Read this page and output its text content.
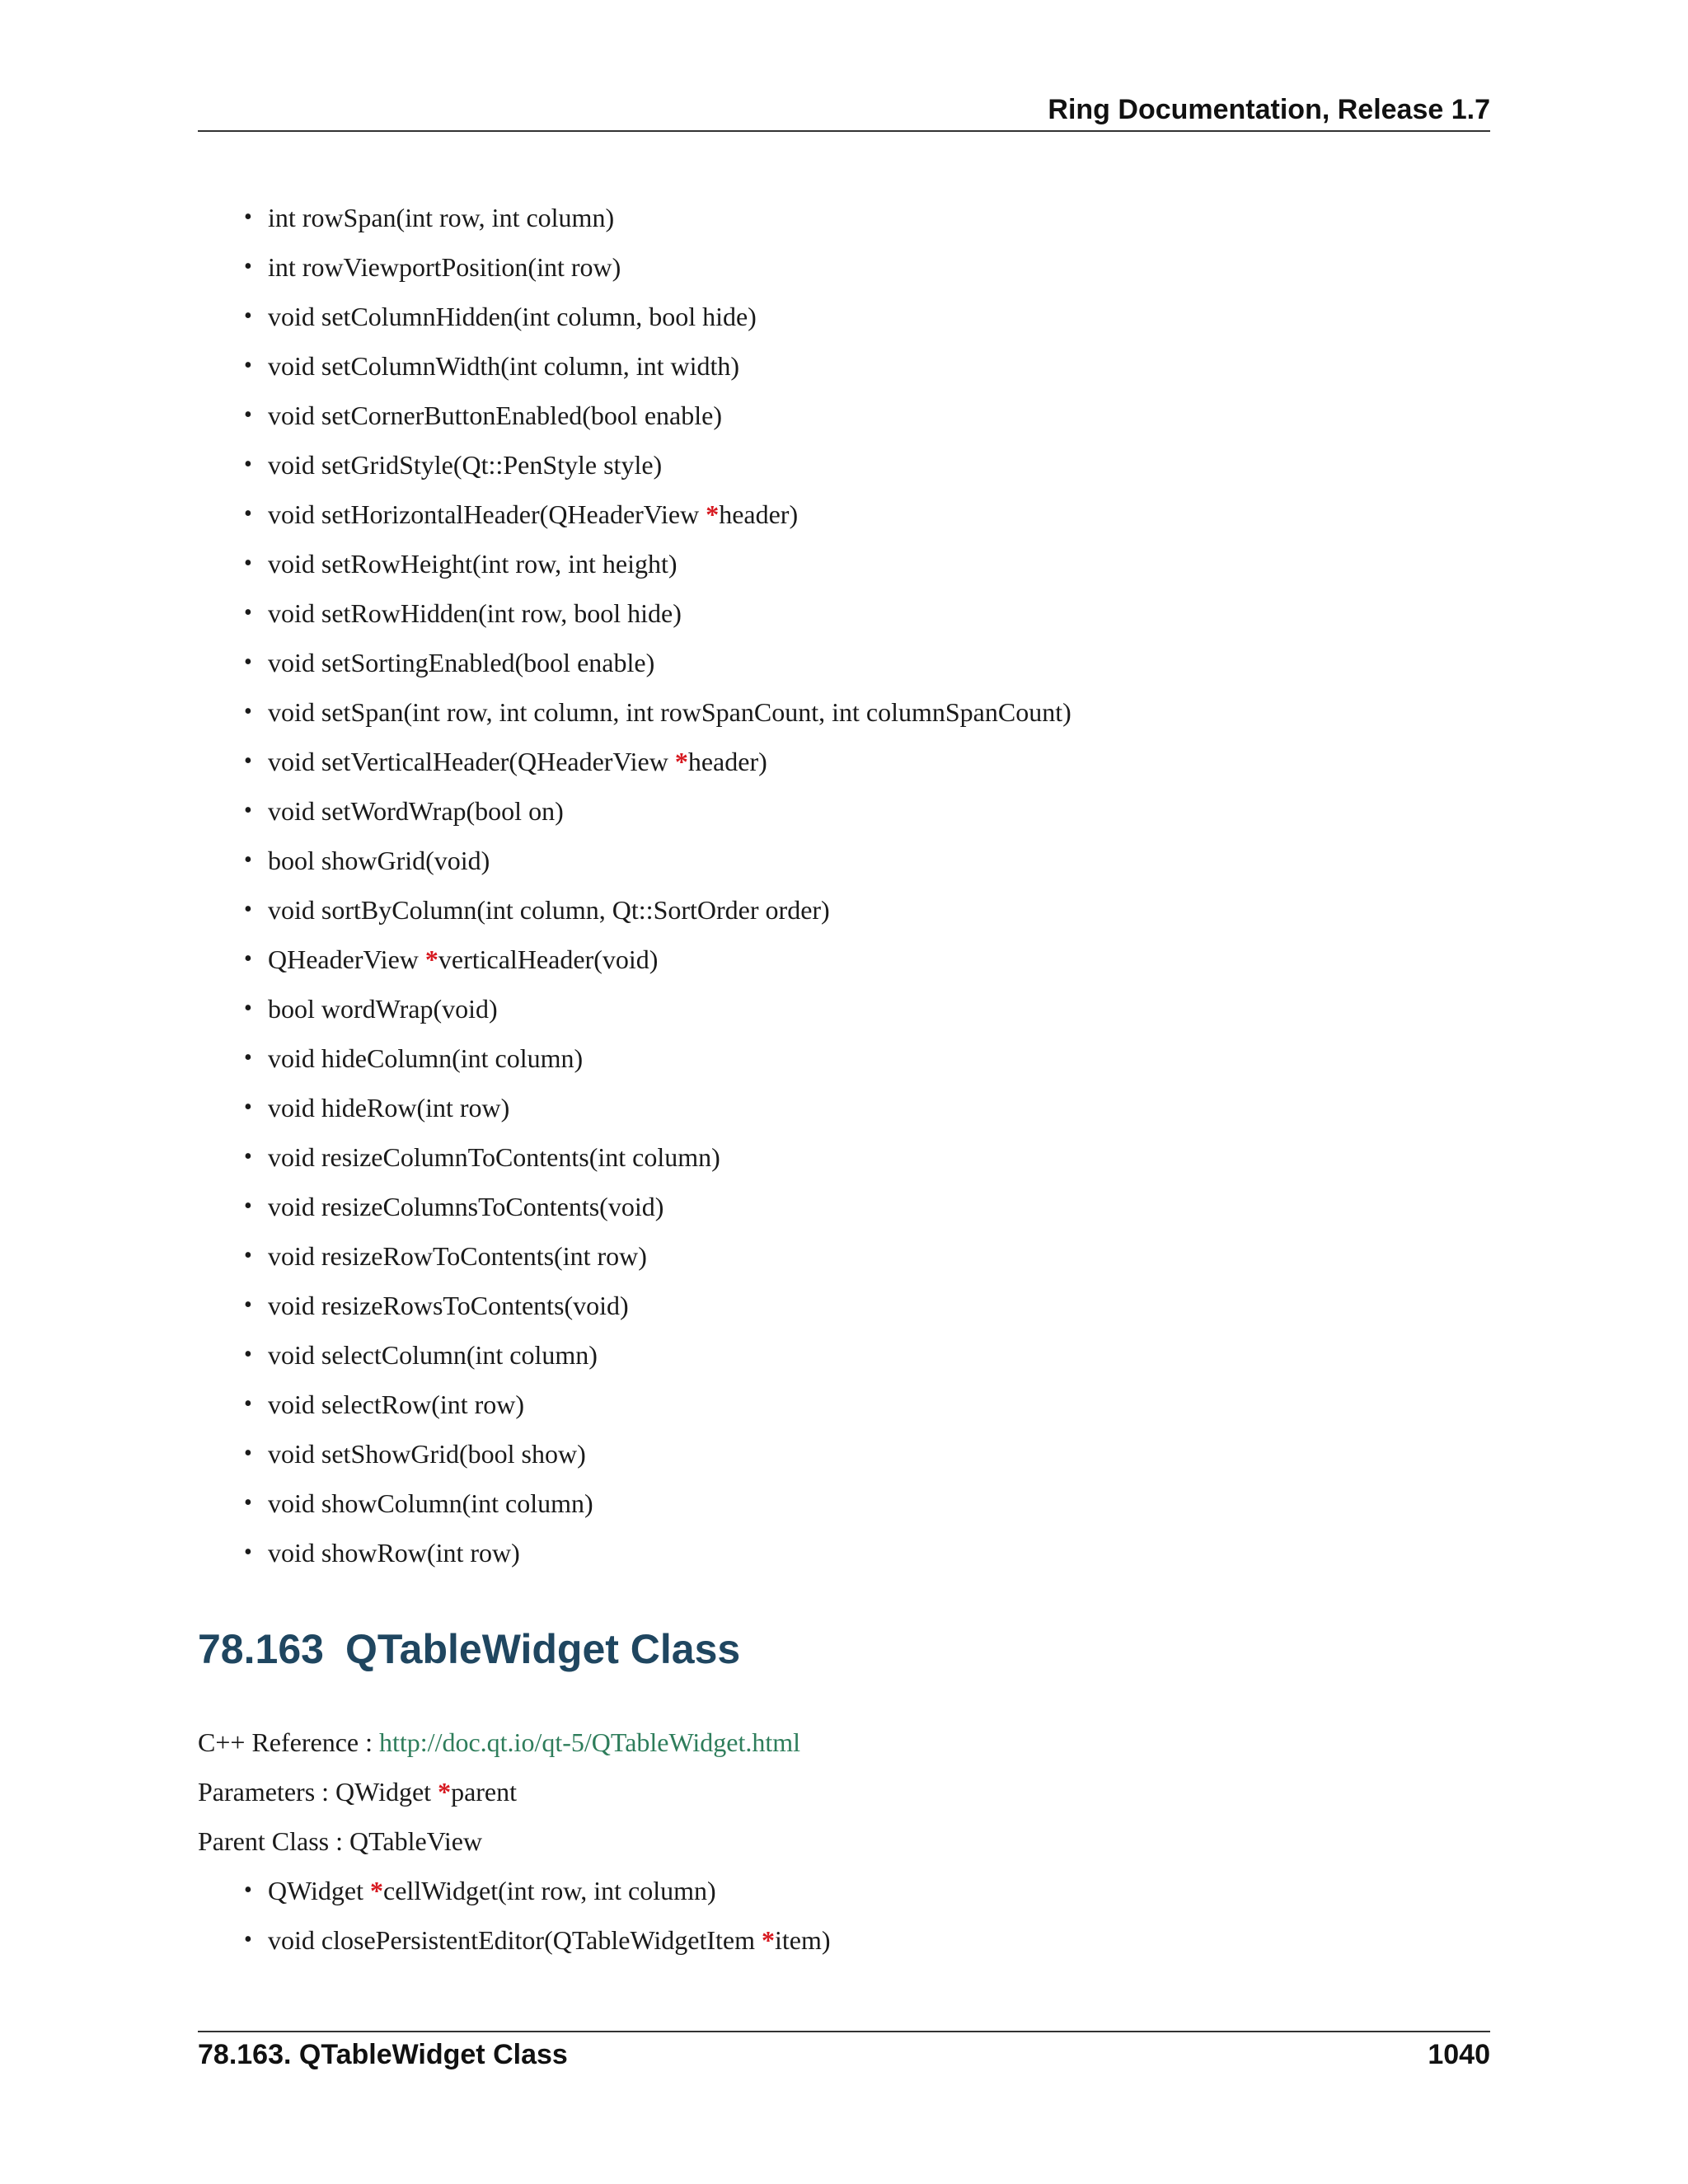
Ring Documentation, Release 1.7
• int rowSpan(int row, int column)
• int rowViewportPosition(int row)
• void setColumnHidden(int column, bool hide)
• void setColumnWidth(int column, int width)
• void setCornerButtonEnabled(bool enable)
• void setGridStyle(Qt::PenStyle style)
• void setHorizontalHeader(QHeaderView *header)
• void setRowHeight(int row, int height)
• void setRowHidden(int row, bool hide)
• void setSortingEnabled(bool enable)
• void setSpan(int row, int column, int rowSpanCount, int columnSpanCount)
• void setVerticalHeader(QHeaderView *header)
• void setWordWrap(bool on)
• bool showGrid(void)
• void sortByColumn(int column, Qt::SortOrder order)
• QHeaderView *verticalHeader(void)
• bool wordWrap(void)
• void hideColumn(int column)
• void hideRow(int row)
• void resizeColumnToContents(int column)
• void resizeColumnsToContents(void)
• void resizeRowToContents(int row)
• void resizeRowsToContents(void)
• void selectColumn(int column)
• void selectRow(int row)
• void setShowGrid(bool show)
• void showColumn(int column)
• void showRow(int row)
78.163 QTableWidget Class
C++ Reference : http://doc.qt.io/qt-5/QTableWidget.html
Parameters : QWidget *parent
Parent Class : QTableView
• QWidget *cellWidget(int row, int column)
• void closePersistentEditor(QTableWidgetItem *item)
78.163. QTableWidget Class	1040
